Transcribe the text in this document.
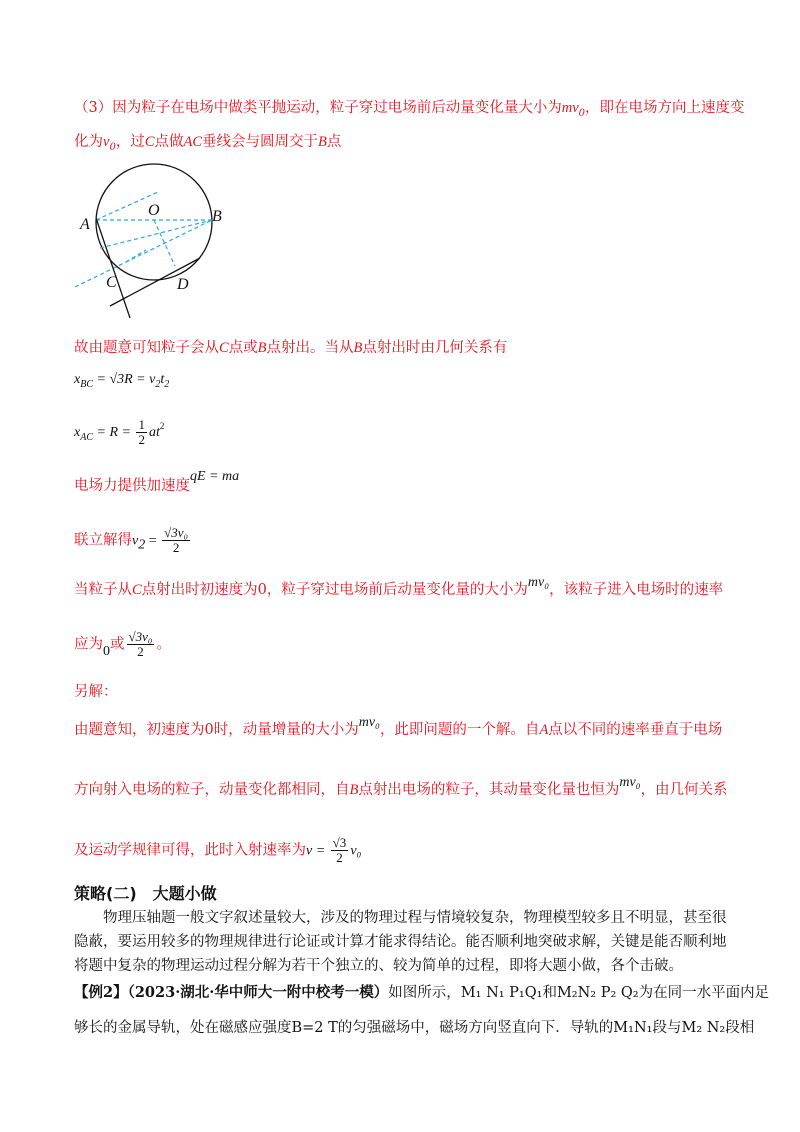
（3）因为粒子在电场中做类平抛运动，粒子穿过电场前后动量变化量大小为$mv_0$，即在电场方向上速度变
化为$v_0$，过C点做AC垂线会与圆周交于B点
O
A	B
C	D
故由题意可知粒子会从C点或B点射出。当从B点射出时由几何关系有
$x_{BC} = √3R = v_2t_2$
$x_{AC} = R = \frac{1}{2} at^2$
电场力提供加速度qE = ma
联立解得$v2 = \frac{\text{√3v₀}}{2}$
当粒子从C点射出时初速度为0，粒子穿过电场前后动量变化量的大小为mv₀，该粒子进入电场时的速率
应为0或 $\frac{\text{√3v₀}}{2}$ 。
另解：
由题意知，初速度为0时，动量增量的大小为mv₀，此即问题的一个解。自A点以不同的速率垂直于电场
方向射入电场的粒子，动量变化都相同，自B点射出电场的粒子，其动量变化量也恒为mv₀，由几何关系
及运动学规律可得，此时入射速率为$v = \frac{√3}{2} v_0$
策略(二)　大题小做
物理压轴题一般文字叙述量较大，涉及的物理过程与情境较复杂，物理模型较多且不明显，甚至很隐蔽，要运用较多的物理规律进行论证或计算才能求得结论。能否顺利地突破求解，关键是能否顺利地将题中复杂的物理运动过程分解为若干个独立的、较为简单的过程，即将大题小做，各个击破。
【例2】（2023·湖北·华中师大一附中校考一模）如图所示，M₁ N₁ P₁Q₁和M₂N₂ P₂ Q₂为在同一水平面内足
够长的金属导轨，处在磁感应强度B=2 T的匀强磁场中，磁场方向竖直向下．导轨的M₁N₁段与M₂ N₂段相
